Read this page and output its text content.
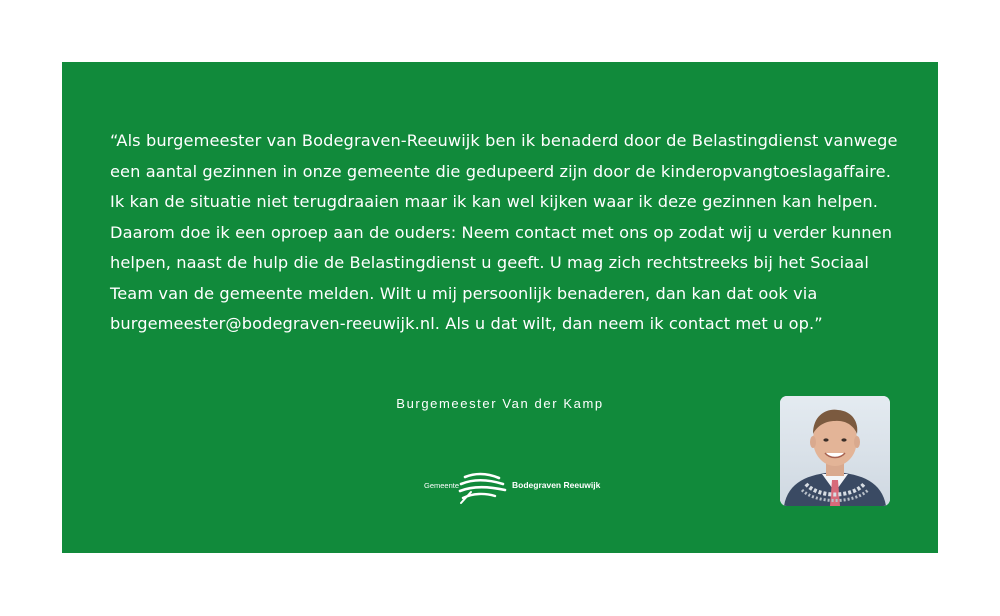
“Als burgemeester van Bodegraven-Reeuwijk ben ik benaderd door de Belastingdienst vanwege
een aantal gezinnen in onze gemeente die gedupeerd zijn door de kinderopvangtoeslagaffaire.
Ik kan de situatie niet terugdraaien maar ik kan wel kijken waar ik deze gezinnen kan helpen.
Daarom doe ik een oproep aan de ouders: Neem contact met ons op zodat wij u verder kunnen
helpen, naast de hulp die de Belastingdienst u geeft. U mag zich rechtstreeks bij het Sociaal
Team van de gemeente melden. Wilt u mij persoonlijk benaderen, dan kan dat ook via
burgemeester@bodegraven-reeuwijk.nl. Als u dat wilt, dan neem ik contact met u op.”

Burgemeester Van der Kamp
Gemeente	Bodegraven Reeuwijk
